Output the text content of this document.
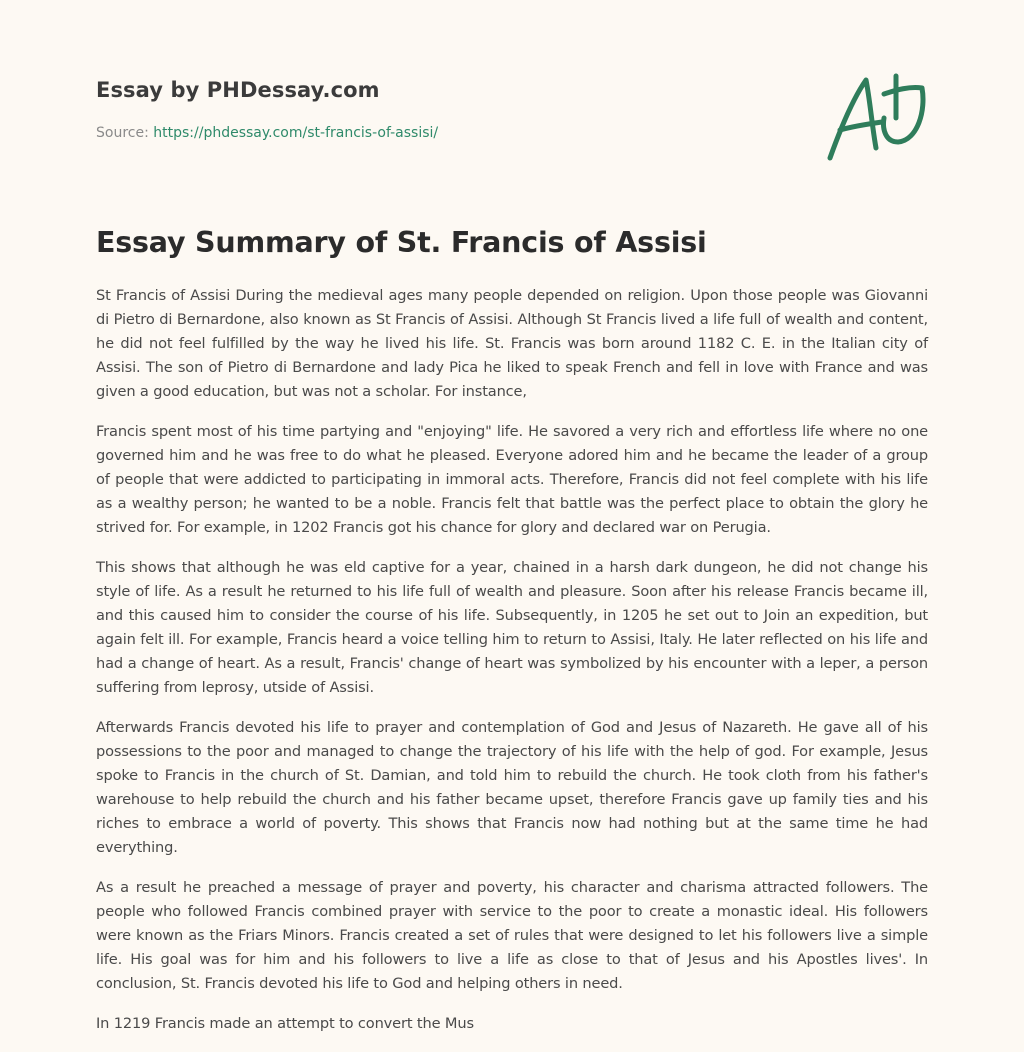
Essay by PHDessay.com
Source: https://phdessay.com/st-francis-of-assisi/
Essay Summary of St. Francis of Assisi

St Francis of Assisi During the medieval ages many people depended on religion. Upon those people was Giovanni di Pietro di Bernardone, also known as St Francis of Assisi. Although St Francis lived a life full of wealth and content, he did not feel fulfilled by the way he lived his life. St. Francis was born around 1182 C. E. in the Italian city of Assisi. The son of Pietro di Bernardone and lady Pica he liked to speak French and fell in love with France and was given a good education, but was not a scholar. For instance,

Francis spent most of his time partying and "enjoying" life. He savored a very rich and effortless life where no one governed him and he was free to do what he pleased. Everyone adored him and he became the leader of a group of people that were addicted to participating in immoral acts. Therefore, Francis did not feel complete with his life as a wealthy person; he wanted to be a noble. Francis felt that battle was the perfect place to obtain the glory he strived for. For example, in 1202 Francis got his chance for glory and declared war on Perugia.

This shows that although he was eld captive for a year, chained in a harsh dark dungeon, he did not change his style of life. As a result he returned to his life full of wealth and pleasure. Soon after his release Francis became ill, and this caused him to consider the course of his life. Subsequently, in 1205 he set out to Join an expedition, but again felt ill. For example, Francis heard a voice telling him to return to Assisi, Italy. He later reflected on his life and had a change of heart. As a result, Francis' change of heart was symbolized by his encounter with a leper, a person suffering from leprosy, utside of Assisi.

Afterwards Francis devoted his life to prayer and contemplation of God and Jesus of Nazareth. He gave all of his possessions to the poor and managed to change the trajectory of his life with the help of god. For example, Jesus spoke to Francis in the church of St. Damian, and told him to rebuild the church. He took cloth from his father's warehouse to help rebuild the church and his father became upset, therefore Francis gave up family ties and his riches to embrace a world of poverty. This shows that Francis now had nothing but at the same time he had everything.

As a result he preached a message of prayer and poverty, his character and charisma attracted followers. The people who followed Francis combined prayer with service to the poor to create a monastic ideal. His followers were known as the Friars Minors. Francis created a set of rules that were designed to let his followers live a simple life. His goal was for him and his followers to live a life as close to that of Jesus and his Apostles lives'. In conclusion, St. Francis devoted his life to God and helping others in need.

In 1219 Francis made an attempt to convert the Mus
